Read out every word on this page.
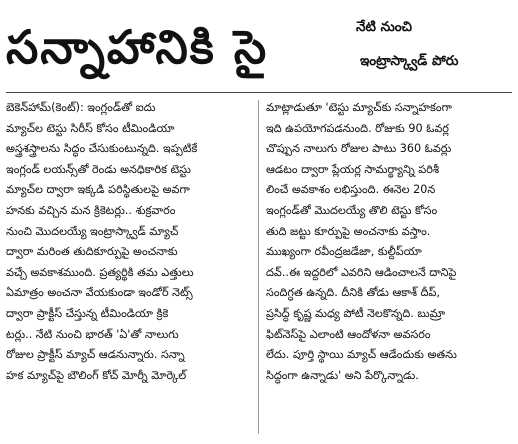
సన్నాహానికి సై	నేటి నుంచి
ఇంట్రాస్క్వాడ్ పోరు
బెకెన్‌హామ్‌(కెంట్‌): ఇంగ్లండ్‌తో ఐదు
మ్యాచ్‌ల టెస్టు సిరీస్‌ కోసం టీమిండియా
అస్త్రశస్త్రాలను సిద్ధం చేసుకుంటున్నది. ఇప్పటికే
ఇంగ్లండ్‌ లయన్స్‌తో రెండు అనధికారిక టెస్టు
మ్యాచ్‌ల ద్వారా ఇక్కడి పరిస్థితులపై అవగా
హనకు వచ్చిన మన క్రికెటర్లు.. శుక్రవారం
నుంచి మొదలయ్యే ఇంట్రాస్క్వాడ్‌ మ్యాచ్‌
ద్వారా మరింత తుదికూర్పుపై అంచనాకు
వచ్చే అవకాశముంది. ప్రత్యర్థికి తమ ఎత్తులు
ఏమాత్రం అంచనా వేయకుండా ఇండోర్‌ నెట్స్‌
ద్వారా ప్రాక్టీస్‌ చేస్తున్న టీమిండియా క్రికె
టర్లు.. నేటి నుంచి భారత్‌ 'ఏ'తో నాలుగు
రోజుల ప్రాక్టీస్‌ మ్యాచ్‌ ఆడనున్నారు. సన్నా
హక మ్యాచ్‌పై బౌలింగ్‌ కోచ్‌ మోర్నీ మోర్కెల్‌
మాట్లాడుతూ 'టెస్టు మ్యాచ్‌కు సన్నాహకంగా
ఇది ఉపయోగపడనుంది. రోజుకు 90 ఓవర్ల
చొప్పున నాలుగు రోజుల పాటు 360 ఓవర్లు
ఆడటం ద్వారా ప్లేయర్ల సామర్థ్యాన్ని పరిశీ
లించే అవకాశం లభిస్తుంది. ఈనెల 20న
ఇంగ్లండ్‌తో మొదలయ్యే తొలి టెస్టు కోసం
తుది జట్టు కూర్పుపై అంచనాకు వస్తాం.
ముఖ్యంగా రవీంద్రజడేజా, కుల్దీప్‌యా
దవ్‌..ఈ ఇద్దరిలో ఎవరిని ఆడించాలనే దానిపై
సందిగ్ధత ఉన్నది. దీనికి తోడు ఆకాశ్‌ దీప్‌,
ప్రసిద్ధ్‌ కృష్ణ మధ్య పోటీ నెలకొన్నది. బుమ్రా
ఫిట్‌నెస్‌పై ఎలాంటి ఆందోళనా అవసరం
లేదు. పూర్తి స్థాయి మ్యాచ్‌ ఆడేందుకు అతను
సిద్ధంగా ఉన్నాడు' అని పేర్కొన్నాడు.
